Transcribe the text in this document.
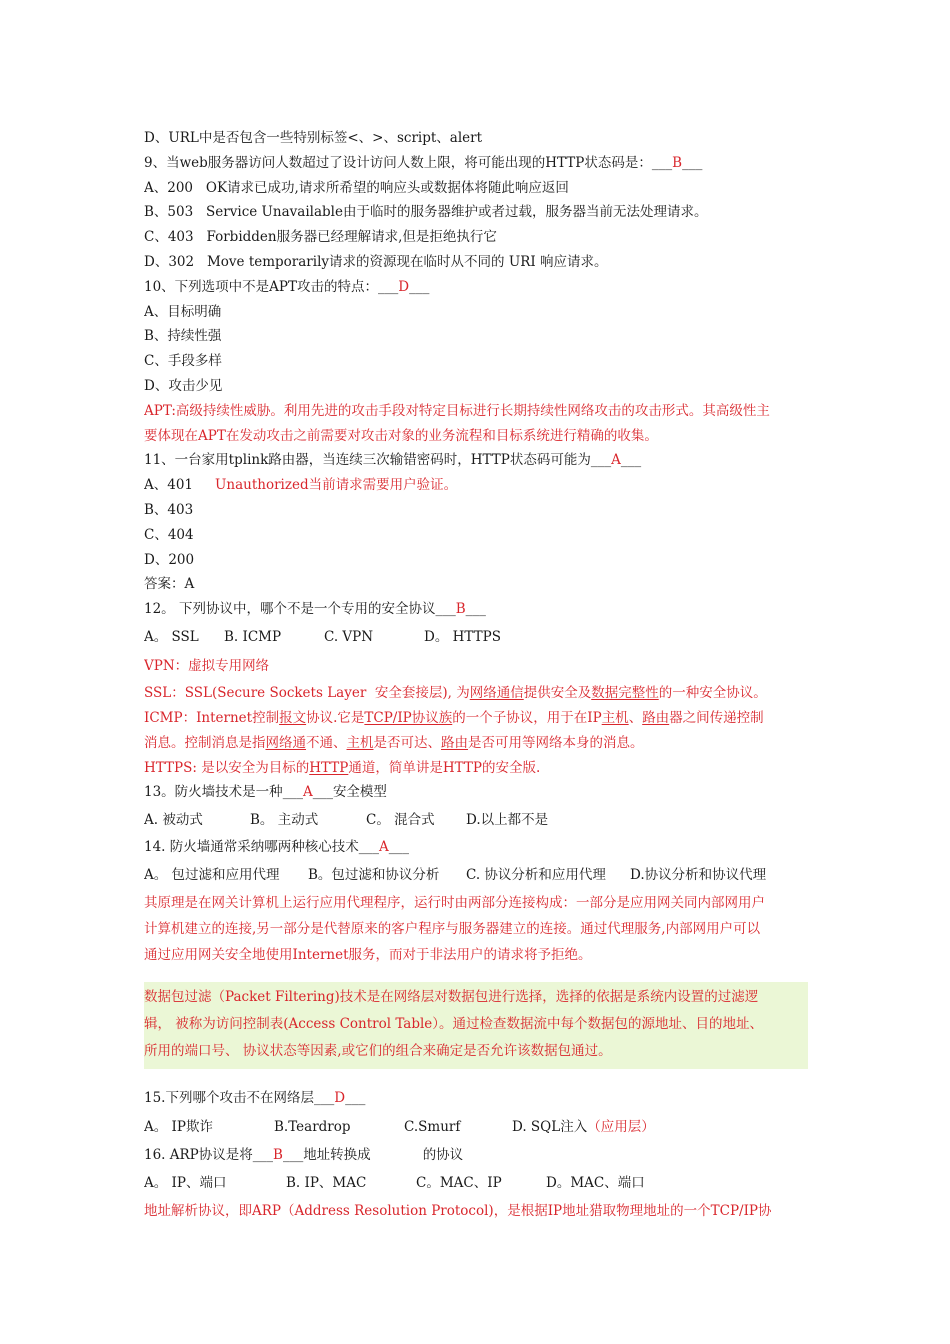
D、URL中是否包含一些特别标签<、>、script、alert
9、当web服务器访问人数超过了设计访问人数上限，将可能出现的HTTP状态码是：___B___
A、200   OK请求已成功,请求所希望的响应头或数据体将随此响应返回
B、503   Service Unavailable由于临时的服务器维护或者过载，服务器当前无法处理请求。
C、403   Forbidden服务器已经理解请求,但是拒绝执行它
D、302   Move temporarily请求的资源现在临时从不同的 URI 响应请求。
10、下列选项中不是APT攻击的特点：___D___
A、目标明确
B、持续性强
C、手段多样
D、攻击少见
APT:高级持续性威胁。利用先进的攻击手段对特定目标进行长期持续性网络攻击的攻击形式。其高级性主
要体现在APT在发动攻击之前需要对攻击对象的业务流程和目标系统进行精确的收集。
11、一台家用tplink路由器，当连续三次输错密码时，HTTP状态码可能为___A___
A、401 Unauthorized当前请求需要用户验证。
B、403
C、404
D、200
答案：A
12。 下列协议中，哪个不是一个专用的安全协议___B___
A。 SSL B. ICMP	C. VPN	D。 HTTPS
VPN：虚拟专用网络
SSL：SSL(Secure Sockets Layer  安全套接层), 为网络通信提供安全及数据完整性的一种安全协议。
ICMP：Internet控制报文协议.它是TCP/IP协议族的一个子协议，用于在IP主机、路由器之间传递控制
消息。控制消息是指网络通不通、主机是否可达、路由是否可用等网络本身的消息。
HTTPS: 是以安全为目标的HTTP通道，简单讲是HTTP的安全版.
13。防火墙技术是一种___A___安全模型
A. 被动式	B。 主动式	C。 混合式 D.以上都不是
14. 防火墙通常采纳哪两种核心技术___A___
A。 包过滤和应用代理 B。包过滤和协议分析 C. 协议分析和应用代理 D.协议分析和协议代理
其原理是在网关计算机上运行应用代理程序，运行时由两部分连接构成：一部分是应用网关同内部网用户
计算机建立的连接,另一部分是代替原来的客户程序与服务器建立的连接。通过代理服务,内部网用户可以
通过应用网关安全地使用Internet服务，而对于非法用户的请求将予拒绝。
数据包过滤（Packet Filtering)技术是在网络层对数据包进行选择，选择的依据是系统内设置的过滤逻
辑， 被称为访问控制表(Access Control Table）。通过检查数据流中每个数据包的源地址、目的地址、
所用的端口号、 协议状态等因素,或它们的组合来确定是否允许该数据包通过。
15.下列哪个攻击不在网络层___D___
A。 IP欺诈	B.Teardrop	C.Smurf	D. SQL注入（应用层）
16. ARP协议是将___B___地址转换成	的协议
A。 IP、端口	B. IP、MAC	C。MAC、IP	D。MAC、端口
地址解析协议，即ARP（Address Resolution Protocol)，是根据IP地址猎取物理地址的一个TCP/IP协
